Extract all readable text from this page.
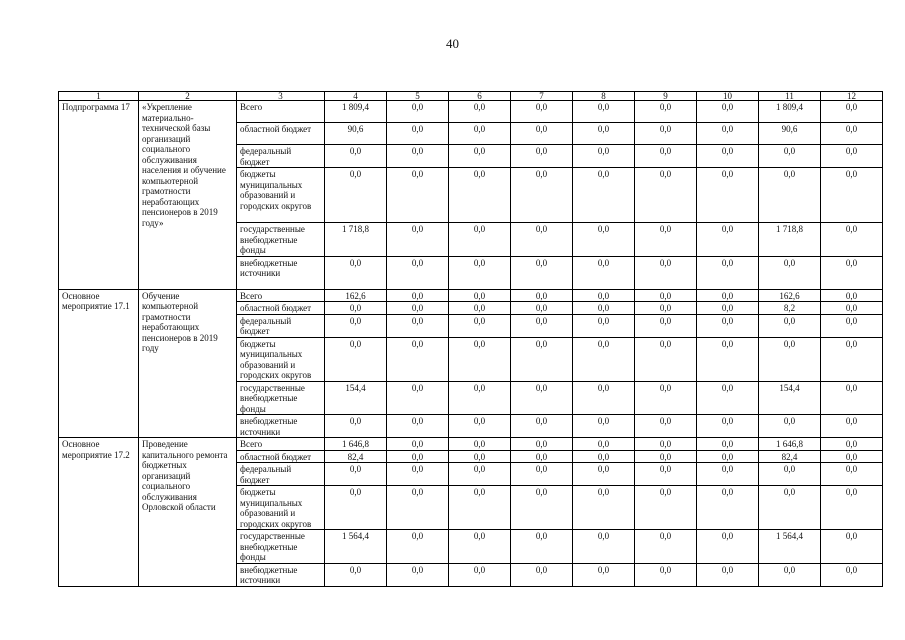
40
1	2	3	4	5	6	7	8	9	10	11	12
Подпрограмма 17	«Укрепление материально-технической базы организаций социального обслуживания населения и обучение компьютерной грамотности неработающих пенсионеров в 2019 году»	Всего	1 809,4	0,0	0,0	0,0	0,0	0,0	0,0	1 809,4	0,0
		областной бюджет	90,6	0,0	0,0	0,0	0,0	0,0	0,0	90,6	0,0
		федеральный бюджет	0,0	0,0	0,0	0,0	0,0	0,0	0,0	0,0	0,0
		бюджеты муниципальных образований и городских округов	0,0	0,0	0,0	0,0	0,0	0,0	0,0	0,0	0,0
		государственные внебюджетные фонды	1 718,8	0,0	0,0	0,0	0,0	0,0	0,0	1 718,8	0,0
		внебюджетные источники	0,0	0,0	0,0	0,0	0,0	0,0	0,0	0,0	0,0
Основное мероприятие 17.1	Обучение компьютерной грамотности неработающих пенсионеров в 2019 году	Всего	162,6	0,0	0,0	0,0	0,0	0,0	0,0	162,6	0,0
		областной бюджет	0,0	0,0	0,0	0,0	0,0	0,0	0,0	8,2	0,0
		федеральный бюджет	0,0	0,0	0,0	0,0	0,0	0,0	0,0	0,0	0,0
		бюджеты муниципальных образований и городских округов	0,0	0,0	0,0	0,0	0,0	0,0	0,0	0,0	0,0
		государственные внебюджетные фонды	154,4	0,0	0,0	0,0	0,0	0,0	0,0	154,4	0,0
		внебюджетные источники	0,0	0,0	0,0	0,0	0,0	0,0	0,0	0,0	0,0
Основное мероприятие 17.2	Проведение капитального ремонта бюджетных организаций социального обслуживания Орловской области	Всего	1 646,8	0,0	0,0	0,0	0,0	0,0	0,0	1 646,8	0,0
		областной бюджет	82,4	0,0	0,0	0,0	0,0	0,0	0,0	82,4	0,0
		федеральный бюджет	0,0	0,0	0,0	0,0	0,0	0,0	0,0	0,0	0,0
		бюджеты муниципальных образований и городских округов	0,0	0,0	0,0	0,0	0,0	0,0	0,0	0,0	0,0
		государственные внебюджетные фонды	1 564,4	0,0	0,0	0,0	0,0	0,0	0,0	1 564,4	0,0
		внебюджетные источники	0,0	0,0	0,0	0,0	0,0	0,0	0,0	0,0	0,0
